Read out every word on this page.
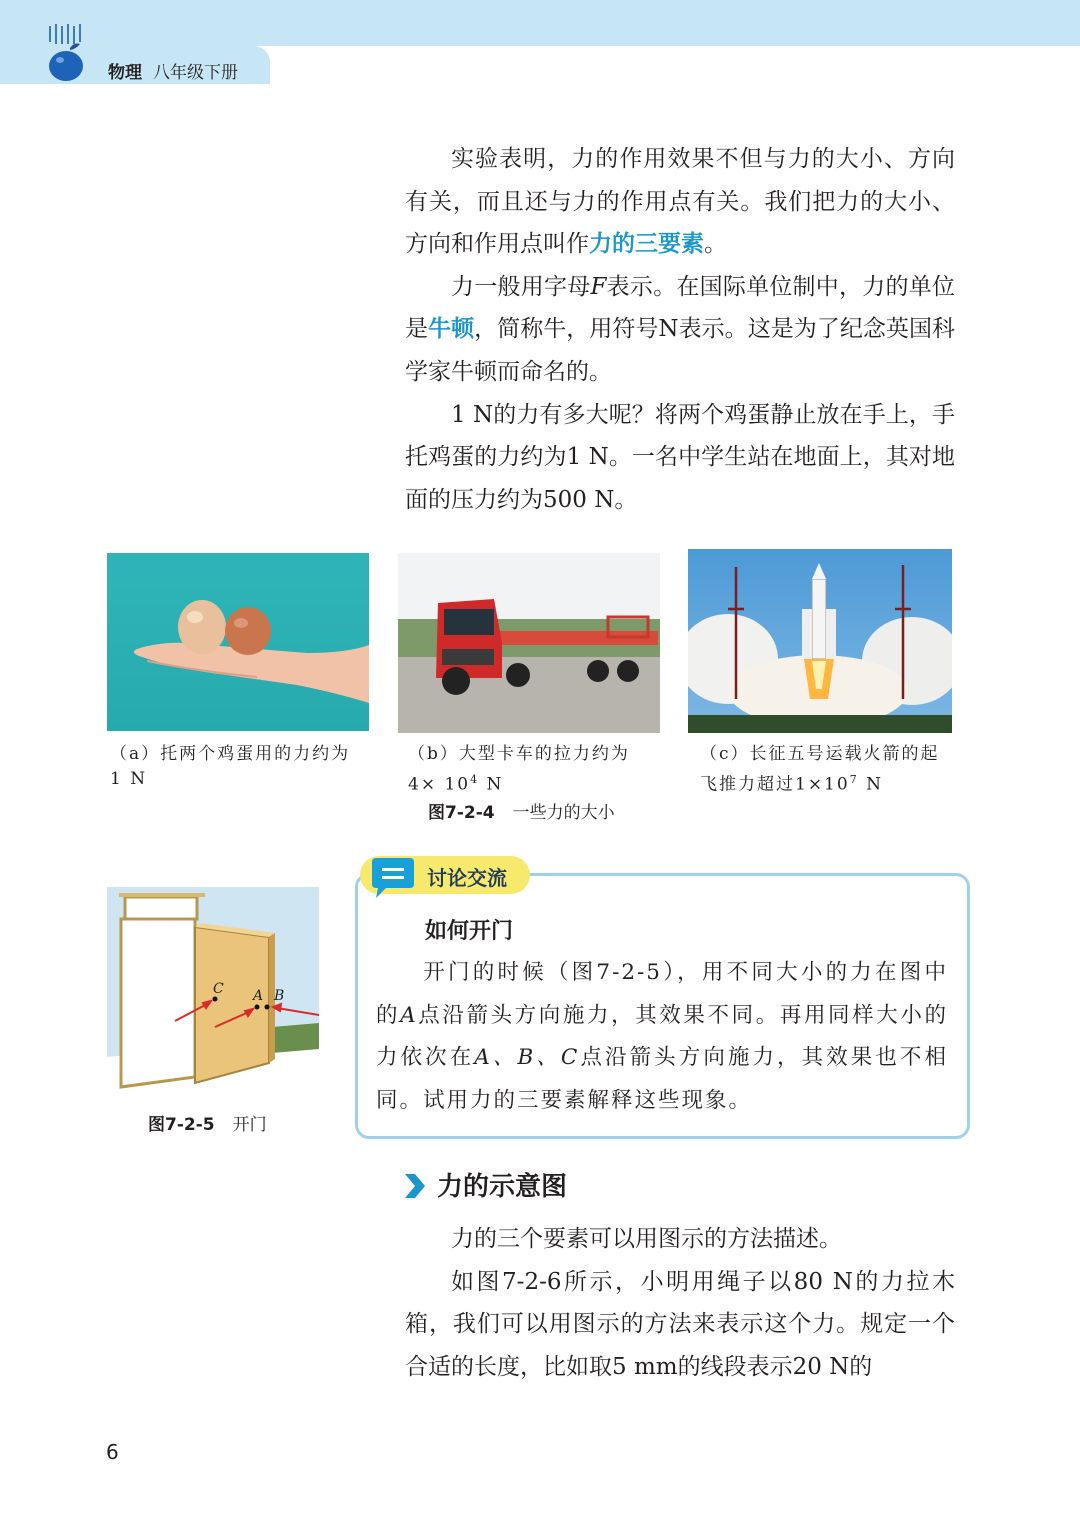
物理 八年级下册

实验表明，力的作用效果不但与力的大小、方向有关，而且还与力的作用点有关。我们把力的大小、方向和作用点叫作力的三要素。

力一般用字母F表示。在国际单位制中，力的单位是牛顿，简称牛，用符号N表示。这是为了纪念英国科学家牛顿而命名的。

1 N的力有多大呢？将两个鸡蛋静止放在手上，手托鸡蛋的力约为1 N。一名中学生站在地面上，其对地面的压力约为500 N。

（a）托两个鸡蛋用的力约为
1 N
（b）大型卡车的拉力约为
$4\times 10^4$ N
（c）长征五号运载火箭的起
飞推力超过$1\times 10^7$ N
图7-2-4 一些力的大小
C A B
图7-2-5 开门
讨论交流
如何开门

开门的时候（图7-2-5），用不同大小的力在图中的A点沿箭头方向施力，其效果不同。再用同样大小的力依次在A、B、C点沿箭头方向施力，其效果也不相同。试用力的三要素解释这些现象。

力的示意图

力的三个要素可以用图示的方法描述。

如图7-2-6所示，小明用绳子以80 N的力拉木箱，我们可以用图示的方法来表示这个力。规定一个合适的长度，比如取5 mm的线段表示20 N的

6
